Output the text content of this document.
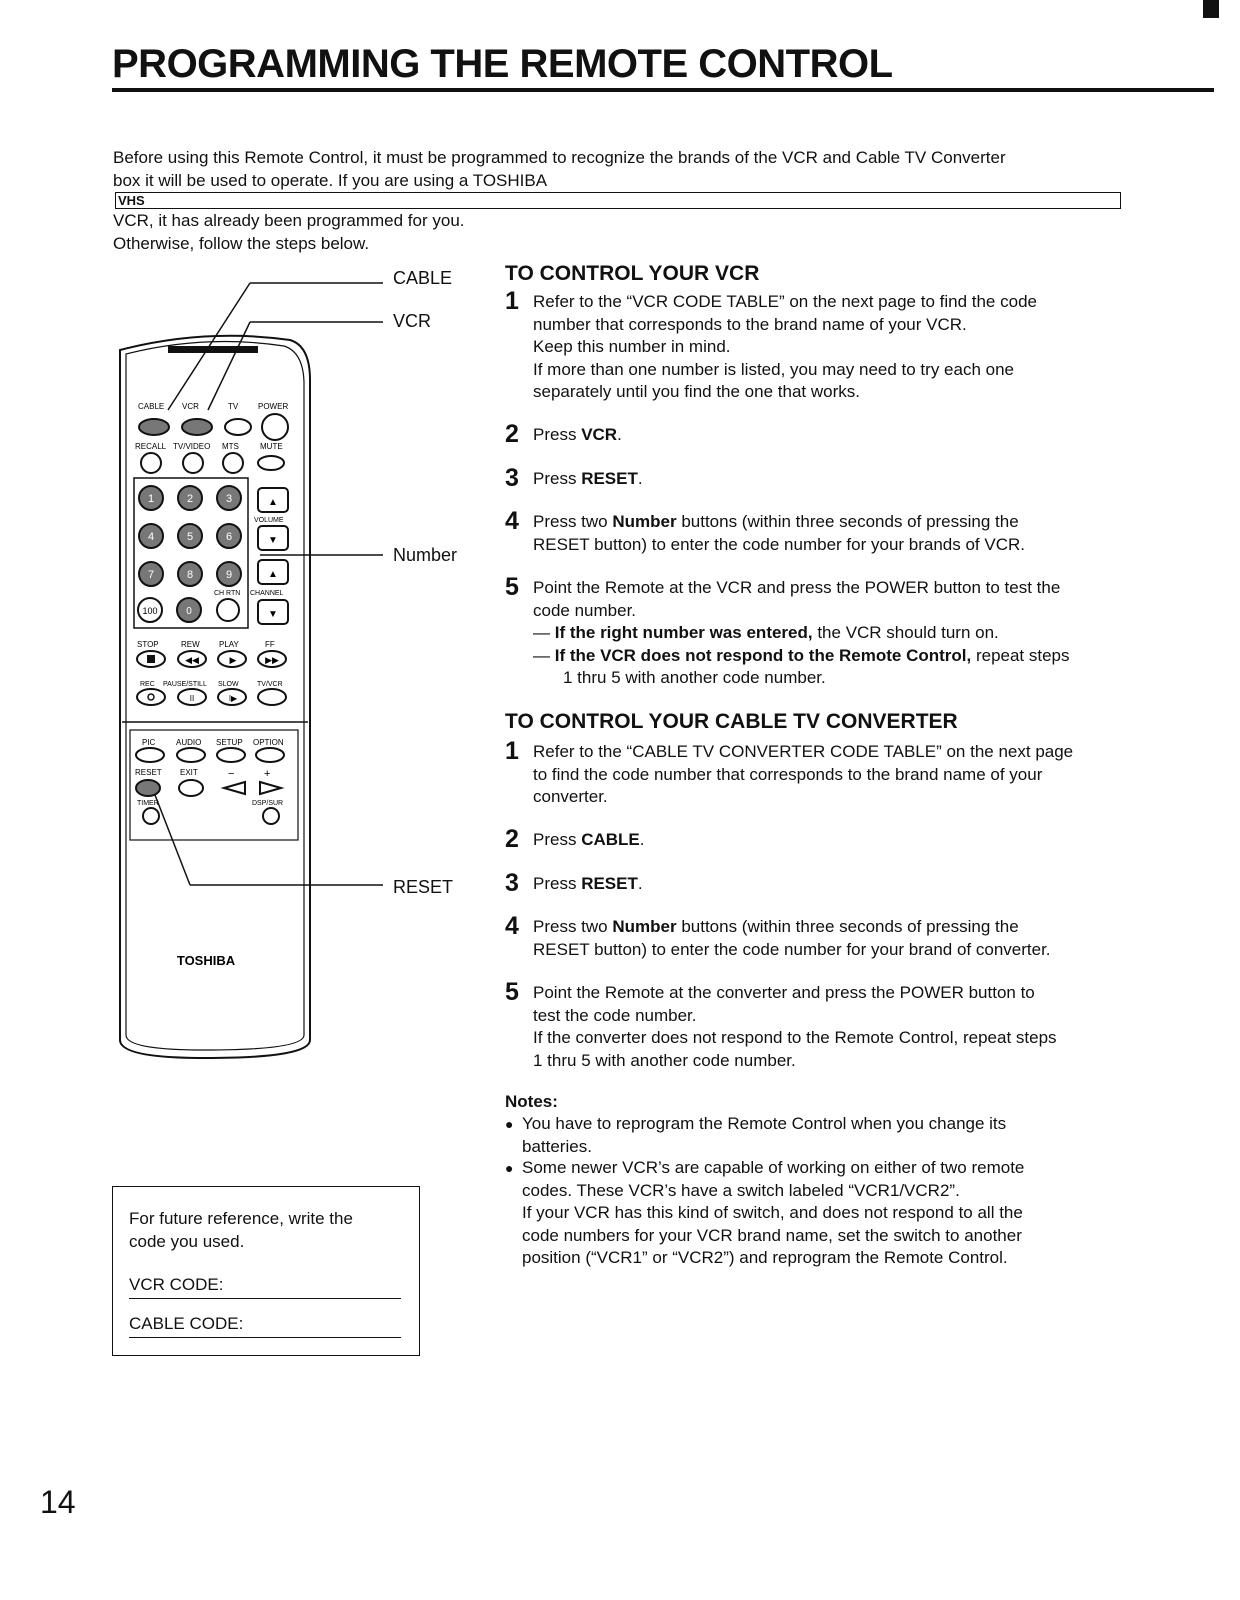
PROGRAMMING THE REMOTE CONTROL
Before using this Remote Control, it must be programmed to recognize the brands of the VCR and Cable TV Converter
box it will be used to operate. If you are using a TOSHIBA
VHS
VCR, it has already been programmed for you.
Otherwise, follow the steps below.
CABLE VCR	TV POWER
RECALL TV/VIDEO MTS	MUTE
1	2	3
4	5	6
7	8	9
▲
VOLUME
▼
▲
CH RTN CHANNEL
▼
100	0
STOP	REW PLAY	FF
◀◀	▶	▶▶
REC PAUSE/STILL SLOW	TV/VCR
II	I▶
PIC	AUDIO SETUP OPTION
RESET EXIT	−	+
TIMER	DSP/SUR
TOSHIBA
CABLE
VCR
Number
RESET
TO CONTROL YOUR VCR
1 Refer to the “VCR CODE TABLE” on the next page to find the code
number that corresponds to the brand name of your VCR.
Keep this number in mind.
If more than one number is listed, you may need to try each one
separately until you find the one that works.
2 Press VCR.
3 Press RESET.
4 Press two Number buttons (within three seconds of pressing the
RESET button) to enter the code number for your brands of VCR.
5 Point the Remote at the VCR and press the POWER button to test the
code number.
— If the right number was entered, the VCR should turn on.
— If the VCR does not respond to the Remote Control, repeat steps
1 thru 5 with another code number.
TO CONTROL YOUR CABLE TV CONVERTER
1 Refer to the “CABLE TV CONVERTER CODE TABLE” on the next page
to find the code number that corresponds to the brand name of your
converter.
2 Press CABLE.
3 Press RESET.
4 Press two Number buttons (within three seconds of pressing the
RESET button) to enter the code number for your brand of converter.
5 Point the Remote at the converter and press the POWER button to
test the code number.
If the converter does not respond to the Remote Control, repeat steps
1 thru 5 with another code number.
Notes:
● You have to reprogram the Remote Control when you change its
batteries.
● Some newer VCR’s are capable of working on either of two remote
codes. These VCR’s have a switch labeled “VCR1/VCR2”.
If your VCR has this kind of switch, and does not respond to all the
code numbers for your VCR brand name, set the switch to another
position (“VCR1” or “VCR2”) and reprogram the Remote Control.
For future reference, write the
code you used.
VCR CODE:
CABLE CODE:
14
